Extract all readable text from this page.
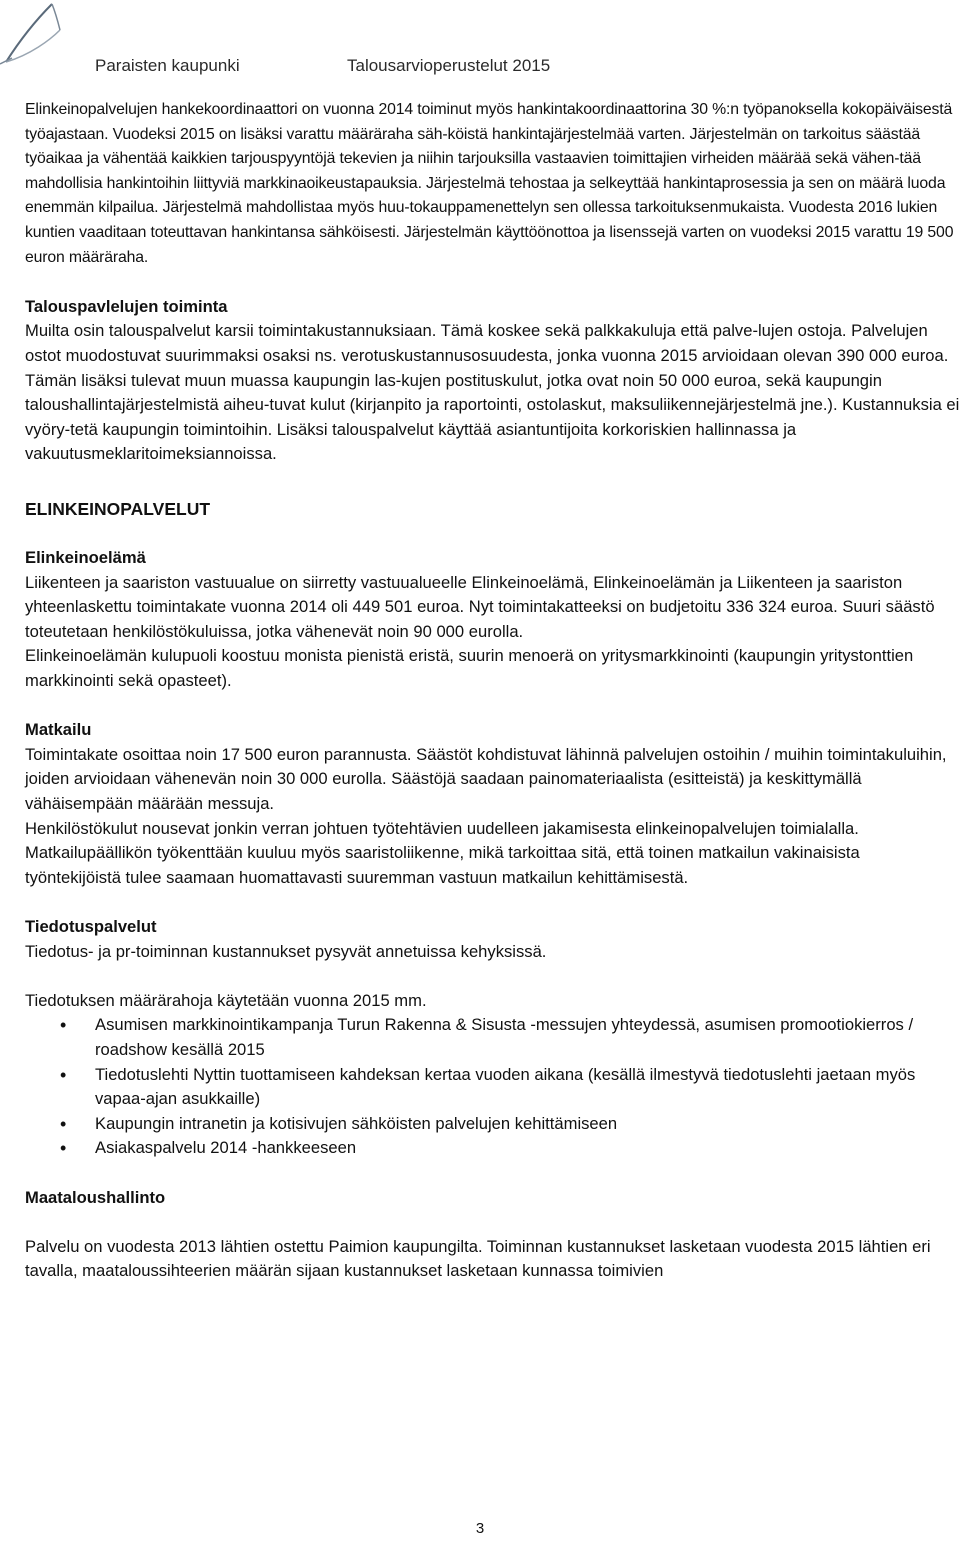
Paraisten kaupunki	Talousarvioperustelut 2015

Elinkeinopalvelujen hankekoordinaattori on vuonna 2014 toiminut myös hankintakoordinaattorina 30 %:n työpanoksella kokopäiväisestä työajastaan. Vuodeksi 2015 on lisäksi varattu määräraha säh-köistä hankintajärjestelmää varten. Järjestelmän on tarkoitus säästää työaikaa ja vähentää kaikkien tarjouspyyntöjä tekevien ja niihin tarjouksilla vastaavien toimittajien virheiden määrää sekä vähen-tää mahdollisia hankintoihin liittyviä markkinaoikeustapauksia. Järjestelmä tehostaa ja selkeyttää hankintaprosessia ja sen on määrä luoda enemmän kilpailua. Järjestelmä mahdollistaa myös huu-tokauppamenettelyn sen ollessa tarkoituksenmukaista. Vuodesta 2016 lukien kuntien vaaditaan toteuttavan hankintansa sähköisesti. Järjestelmän käyttöönottoa ja lisenssejä varten on vuodeksi 2015 varattu 19 500 euron määräraha.

Talouspavlelujen toiminta

Muilta osin talouspalvelut karsii toimintakustannuksiaan. Tämä koskee sekä palkkakuluja että palve-lujen ostoja. Palvelujen ostot muodostuvat suurimmaksi osaksi ns. verotuskustannusosuudesta, jonka vuonna 2015 arvioidaan olevan 390 000 euroa. Tämän lisäksi tulevat muun muassa kaupungin las-kujen postituskulut, jotka ovat noin 50 000 euroa, sekä kaupungin taloushallintajärjestelmistä aiheu-tuvat kulut (kirjanpito ja raportointi, ostolaskut, maksuliikennejärjestelmä jne.). Kustannuksia ei vyöry-tetä kaupungin toimintoihin. Lisäksi talouspalvelut käyttää asiantuntijoita korkoriskien hallinnassa ja vakuutusmeklaritoimeksiannoissa.

ELINKEINOPALVELUT

Elinkeinoelämä

Liikenteen ja saariston vastuualue on siirretty vastuualueelle Elinkeinoelämä, Elinkeinoelämän ja Liikenteen ja saariston yhteenlaskettu toimintakate vuonna 2014 oli 449 501 euroa. Nyt toimintakatteeksi on budjetoitu 336 324 euroa. Suuri säästö toteutetaan henkilöstökuluissa, jotka vähenevät noin 90 000 eurolla.

Elinkeinoelämän kulupuoli koostuu monista pienistä eristä, suurin menoerä on yritysmarkkinointi (kaupungin yritystonttien markkinointi sekä opasteet).

Matkailu

Toimintakate osoittaa noin 17 500 euron parannusta. Säästöt kohdistuvat lähinnä palvelujen ostoihin / muihin toimintakuluihin, joiden arvioidaan vähenevän noin 30 000 eurolla. Säästöjä saadaan painomateriaalista (esitteistä) ja keskittymällä vähäisempään määrään messuja.

Henkilöstökulut nousevat jonkin verran johtuen työtehtävien uudelleen jakamisesta elinkeinopalvelujen toimialalla. Matkailupäällikön työkenttään kuuluu myös saaristoliikenne, mikä tarkoittaa sitä, että toinen matkailun vakinaisista työntekijöistä tulee saamaan huomattavasti suuremman vastuun matkailun kehittämisestä.

Tiedotuspalvelut

Tiedotus- ja pr-toiminnan kustannukset pysyvät annetuissa kehyksissä.

Tiedotuksen määrärahoja käytetään vuonna 2015 mm.

• Asumisen markkinointikampanja Turun Rakenna & Sisusta -messujen yhteydessä, asumisen promootiokierros / roadshow kesällä 2015
• Tiedotuslehti Nyttin tuottamiseen kahdeksan kertaa vuoden aikana (kesällä ilmestyvä tiedotuslehti jaetaan myös vapaa-ajan asukkaille)
• Kaupungin intranetin ja kotisivujen sähköisten palvelujen kehittämiseen
• Asiakaspalvelu 2014 -hankkeeseen

Maataloushallinto

Palvelu on vuodesta 2013 lähtien ostettu Paimion kaupungilta. Toiminnan kustannukset lasketaan vuodesta 2015 lähtien eri tavalla, maataloussihteerien määrän sijaan kustannukset lasketaan kunnassa toimivien

3
